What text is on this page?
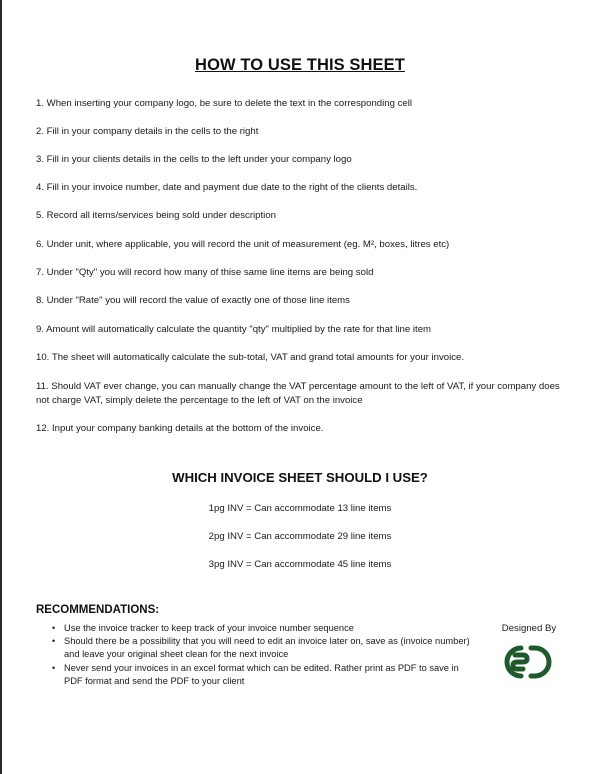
HOW TO USE THIS SHEET

1. When inserting your company logo, be sure to delete the text in the corresponding cell

2. Fill in your company details in the cells to the right

3. Fill in your clients details in the cells to the left under your company logo

4. Fill in your invoice number, date and payment due date to the right of the clients details.

5. Record all items/services being sold under description

6. Under unit, where applicable, you will record the unit of measurement (eg. M², boxes, litres etc)

7. Under "Qty" you will record how many of thise same line items are being sold

8. Under "Rate" you will record the value of exactly one of those line items

9. Amount will automatically calculate the quantity "qty" multiplied by the rate for that line item

10. The sheet will automatically calculate the sub-total, VAT and grand total amounts for your invoice.

11. Should VAT ever change, you can manually change the VAT percentage amount to the left of VAT, if your company does not charge VAT, simply delete the percentage to the left of VAT on the invoice

12. Input your company banking details at the bottom of the invoice.

WHICH INVOICE SHEET SHOULD I USE?
1pg INV = Can accommodate 13 line items
2pg INV = Can accommodate 29 line items
3pg INV = Can accommodate 45 line items
RECOMMENDATIONS:
• Use the invoice tracker to keep track of your invoice number sequence
• Should there be a possibility that you will need to edit an invoice later on, save as (invoice number) and leave your original sheet clean for the next invoice
• Never send your invoices in an excel format which can be edited. Rather print as PDF to save in PDF format and send the PDF to your client
Designed By
